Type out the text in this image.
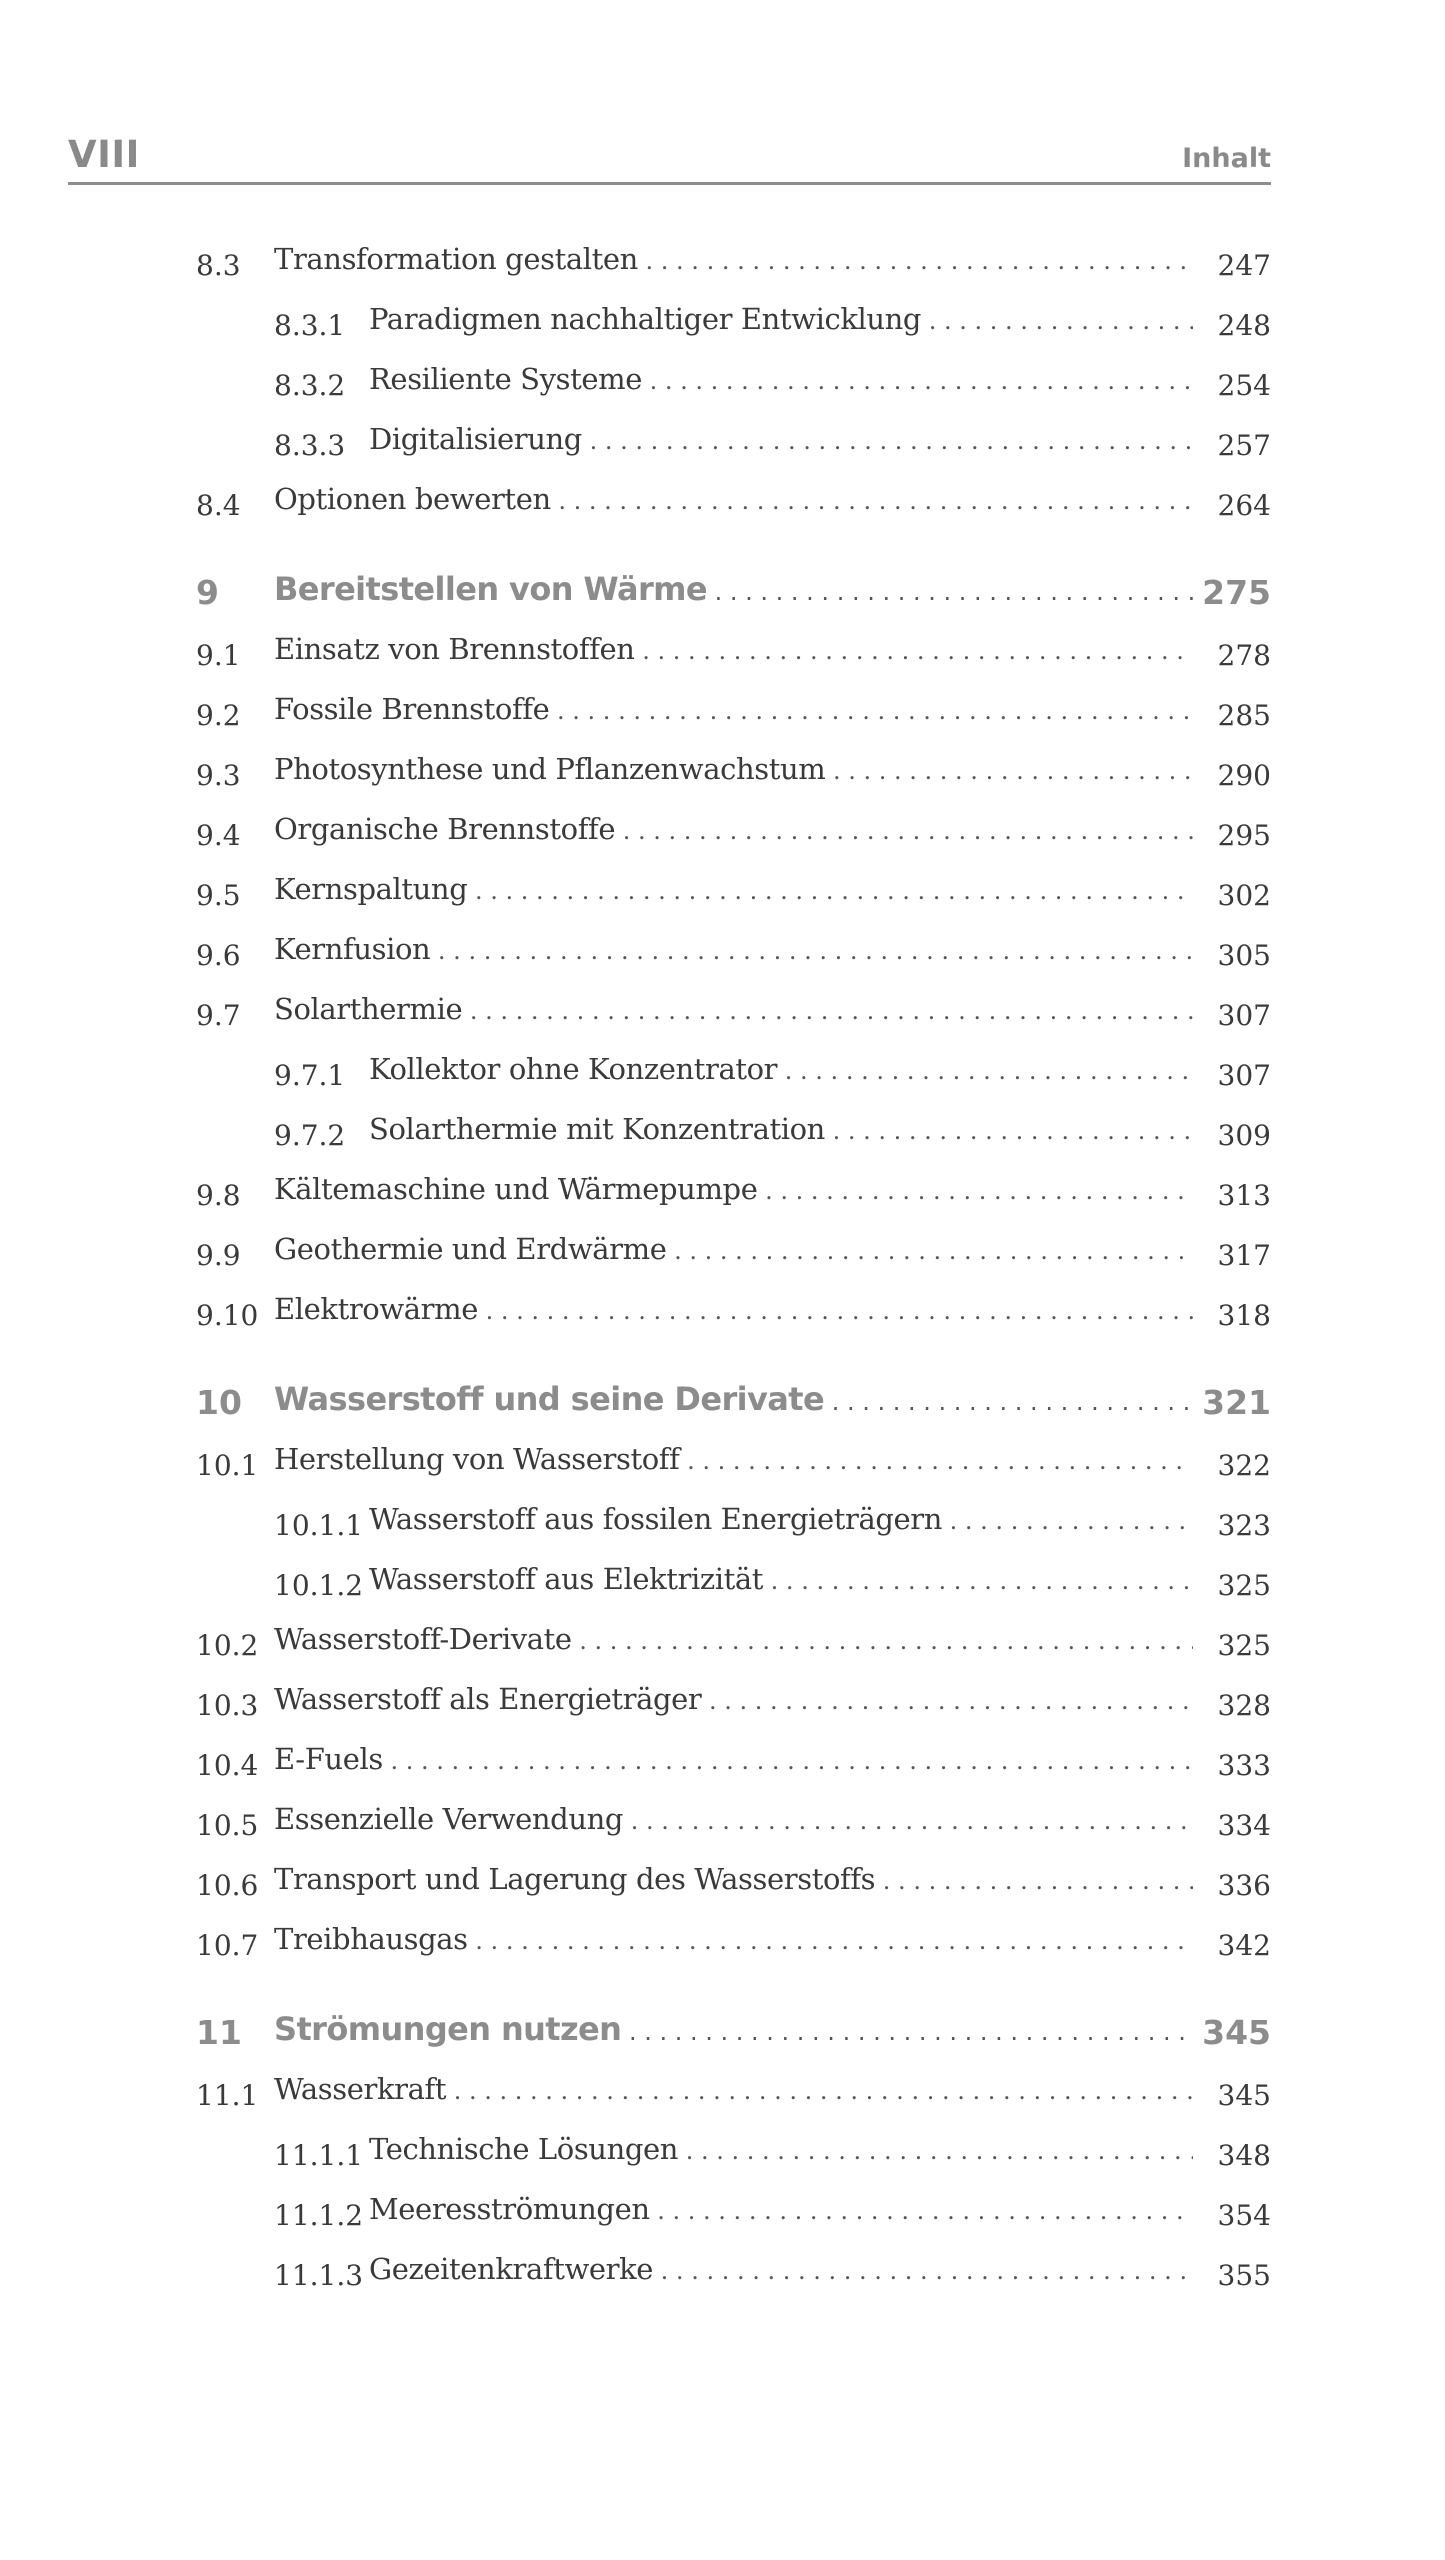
VIII	Inhalt
8.3 Transformation gestalten . . .	247
8.3.1 Paradigmen nachhaltiger Entwicklung . . .	248
8.3.2 Resiliente Systeme . . .	254
8.3.3 Digitalisierung . . .	257
8.4 Optionen bewerten . . .	264
9 Bereitstellen von Wärme . . .	275
9.1 Einsatz von Brennstoffen . . .	278
9.2 Fossile Brennstoffe . . .	285
9.3 Photosynthese und Pflanzenwachstum . . .	290
9.4 Organische Brennstoffe . . .	295
9.5 Kernspaltung . . .	302
9.6 Kernfusion . . .	305
9.7 Solarthermie . . .	307
9.7.1 Kollektor ohne Konzentrator . . .	307
9.7.2 Solarthermie mit Konzentration . . .	309
9.8 Kältemaschine und Wärmepumpe . . .	313
9.9 Geothermie und Erdwärme . . .	317
9.10 Elektrowärme . . .	318
10 Wasserstoff und seine Derivate . . .	321
10.1 Herstellung von Wasserstoff . . .	322
10.1.1 Wasserstoff aus fossilen Energieträgern . . .	323
10.1.2 Wasserstoff aus Elektrizität . . .	325
10.2 Wasserstoff-Derivate . . .	325
10.3 Wasserstoff als Energieträger . . .	328
10.4 E-Fuels . . .	333
10.5 Essenzielle Verwendung . . .	334
10.6 Transport und Lagerung des Wasserstoffs . . .	336
10.7 Treibhausgas . . .	342
11 Strömungen nutzen . . .	345
11.1 Wasserkraft . . .	345
11.1.1 Technische Lösungen . . .	348
11.1.2 Meeresströmungen . . .	354
11.1.3 Gezeitenkraftwerke . . .	355
